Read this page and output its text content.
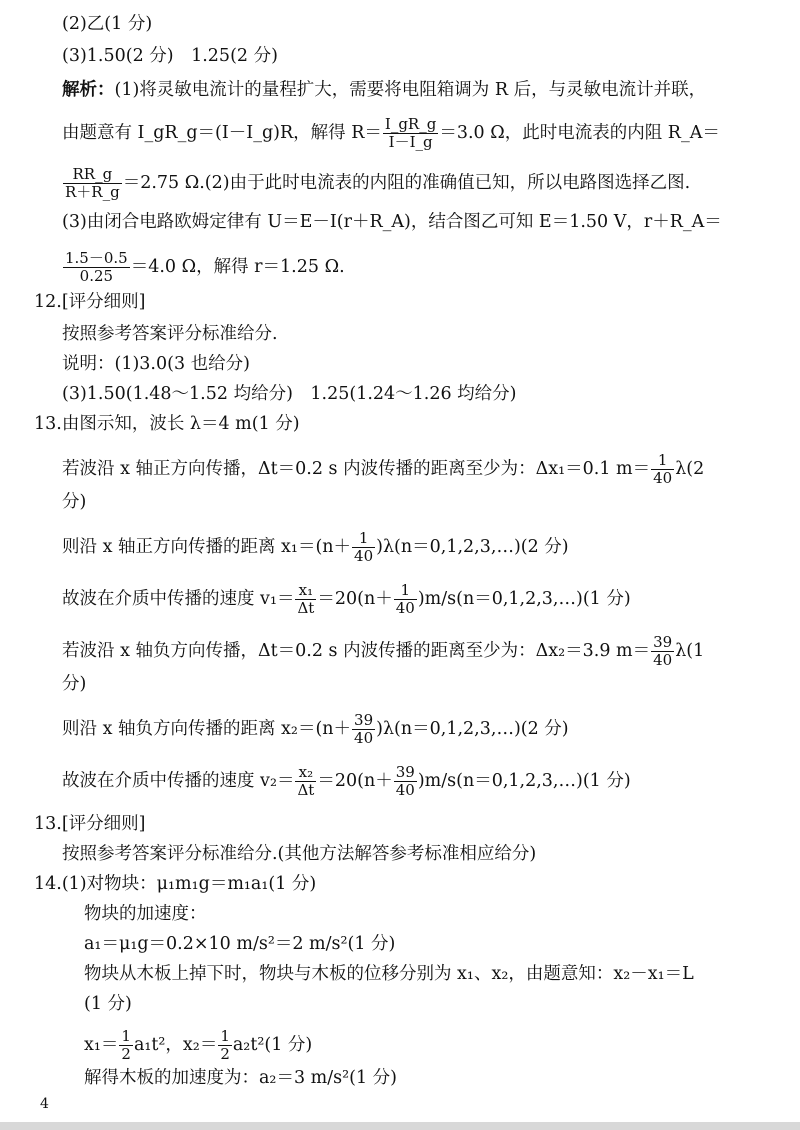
(2)乙(1 分)
(3)1.50(2 分)　1.25(2 分)
解析：(1)将灵敏电流计的量程扩大，需要将电阻箱调为 R 后，与灵敏电流计并联，
由题意有 I_gR_g＝(I－I_g)R，解得 $R= \frac{I\_gR\_g}{I-I\_g} =3.0$ Ω，此时电流表的内阻 R_A＝
$\frac{RR\_g}{R+R\_g} =2.75$ Ω.(2)由于此时电流表的内阻的准确值已知，所以电路图选择乙图.
(3)由闭合电路欧姆定律有 U＝E－I(r＋R_A)，结合图乙可知 E＝1.50 V，r＋R_A＝
$\frac{1.5-0.5}{0.25} =4.0$ Ω，解得 r＝1.25 Ω.
12.[评分细则]
按照参考答案评分标准给分.
说明：(1)3.0(3 也给分)
(3)1.50(1.48～1.52 均给分)　1.25(1.24～1.26 均给分)
13.由图示知，波长 λ＝4 m(1 分)
若波沿 x 轴正方向传播，Δt＝0.2 s 内波传播的距离至少为：Δx₁＝0.1 $m= \frac{1}{40} \lambda(2$
分)
则沿 x 轴正方向传播的距离 $x_1=(n+ \frac{1}{40}$ )λ(n＝0,1,2,3,…)(2 分)
故波在介质中传播的速度 $v_1= \frac{\text{x₁}}{\Delta t} =20(n+ \frac{1}{40}$ )m/s(n＝0,1,2,3,…)(1 分)
若波沿 x 轴负方向传播，Δt＝0.2 s 内波传播的距离至少为：Δx₂＝3.9 $m= \frac{39}{40} \lambda(1$
分)
则沿 x 轴负方向传播的距离 $x_2=(n+ \frac{39}{40}$ )λ(n＝0,1,2,3,…)(2 分)
故波在介质中传播的速度 $v_2= \frac{\text{x₂}}{\Delta t} =20(n+ \frac{39}{40}$ )m/s(n＝0,1,2,3,…)(1 分)
13.[评分细则]
按照参考答案评分标准给分.(其他方法解答参考标准相应给分)
14.(1)对物块：μ₁m₁g＝m₁a₁(1 分)
物块的加速度：
a₁＝μ₁g＝0.2×10 m/s²＝2 m/s²(1 分)
物块从木板上掉下时，物块与木板的位移分别为 x₁、x₂，由题意知：x₂－x₁＝L
(1 分)
$x_1= \frac{1}{2} a_1t^2$，$x_2= \frac{1}{2} a_2t^2(1$ 分)
解得木板的加速度为：a₂＝3 m/s²(1 分)
4
